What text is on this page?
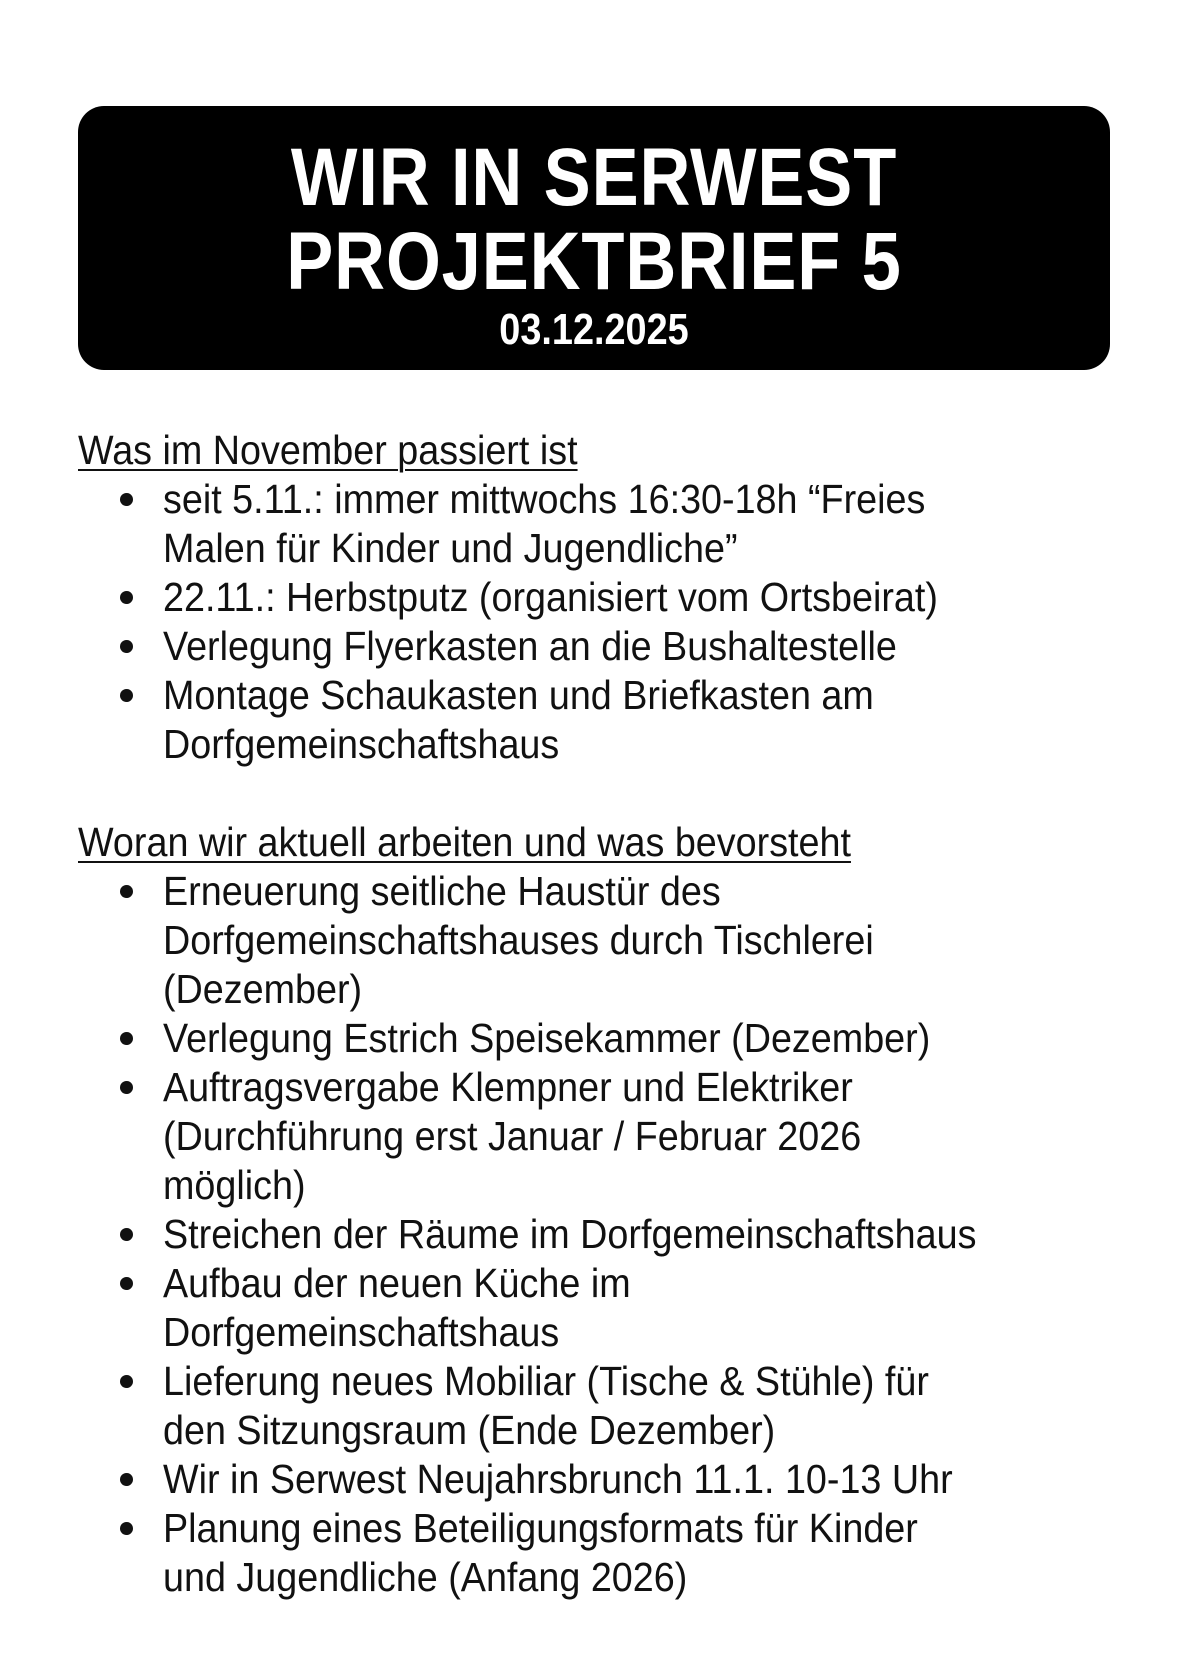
WIR IN SERWEST
PROJEKTBRIEF 5
03.12.2025
Was im November passiert ist
seit 5.11.: immer mittwochs 16:30-18h “Freies
Malen für Kinder und Jugendliche”
22.11.: Herbstputz (organisiert vom Ortsbeirat)
Verlegung Flyerkasten an die Bushaltestelle
Montage Schaukasten und Briefkasten am
Dorfgemeinschaftshaus
Woran wir aktuell arbeiten und was bevorsteht
Erneuerung seitliche Haustür des
Dorfgemeinschaftshauses durch Tischlerei
(Dezember)
Verlegung Estrich Speisekammer (Dezember)
Auftragsvergabe Klempner und Elektriker
(Durchführung erst Januar / Februar 2026
möglich)
Streichen der Räume im Dorfgemeinschaftshaus
Aufbau der neuen Küche im
Dorfgemeinschaftshaus
Lieferung neues Mobiliar (Tische & Stühle) für
den Sitzungsraum (Ende Dezember)
Wir in Serwest Neujahrsbrunch 11.1. 10-13 Uhr
Planung eines Beteiligungsformats für Kinder
und Jugendliche (Anfang 2026)
